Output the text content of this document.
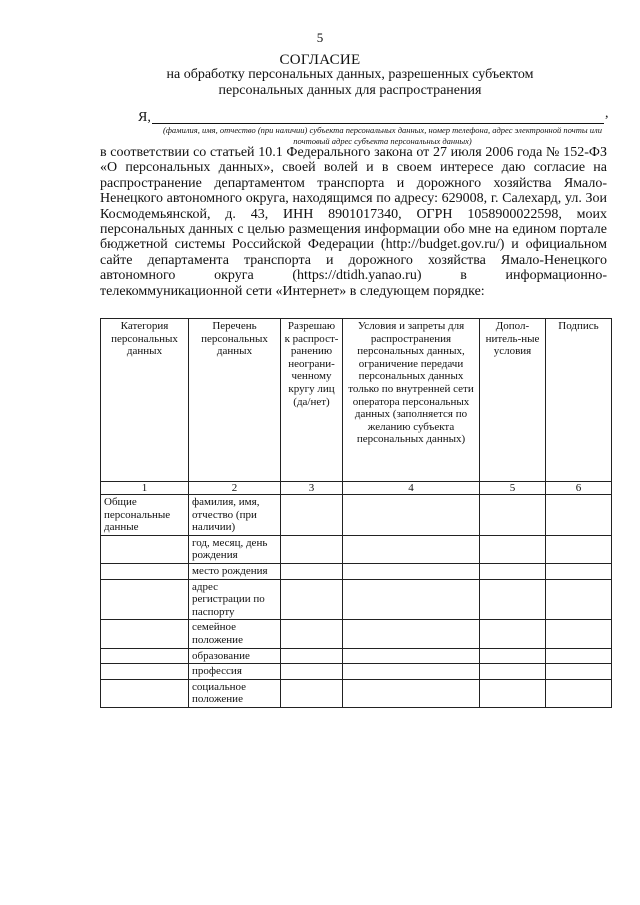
5
СОГЛАСИЕ
на обработку персональных данных, разрешенных субъектом персональных данных для распространения
Я,	,
(фамилия, имя, отчество (при наличии) субъекта персональных данных, номер телефона, адрес электронной почты или почтовый адрес субъекта персональных данных)
в соответствии со статьей 10.1 Федерального закона от 27 июля 2006 года № 152-ФЗ «О персональных данных», своей волей и в своем интересе даю согласие на распространение департаментом транспорта и дорожного хозяйства Ямало-Ненецкого автономного округа, находящимся по адресу: 629008, г. Салехард, ул. Зои Космодемьянской, д. 43, ИНН 8901017340, ОГРН 1058900022598, моих персональных данных с целью размещения информации обо мне на едином портале бюджетной системы Российской Федерации (http://budget.gov.ru/) и официальном сайте департамента транспорта и дорожного хозяйства Ямало-Ненецкого автономного округа (https://dtidh.yanao.ru) в информационно-телекоммуникационной сети «Интернет» в следующем порядке:
Категория персональных данных	Перечень персональных данных	Разрешаю к распрост-ранению неограни-ченному кругу лиц (да/нет)	Условия и запреты для распространения персональных данных, ограничение передачи персональных данных только по внутренней сети оператора персональных данных (заполняется по желанию субъекта персональных данных)	Допол-нитель-ные условия	Подпись
1	2	3	4	5	6
Общие персональные данные	фамилия, имя, отчество (при наличии)				
	год, месяц, день рождения				
	место рождения				
	адрес регистрации по паспорту				
	семейное положение				
	образование				
	профессия				
	социальное положение				
